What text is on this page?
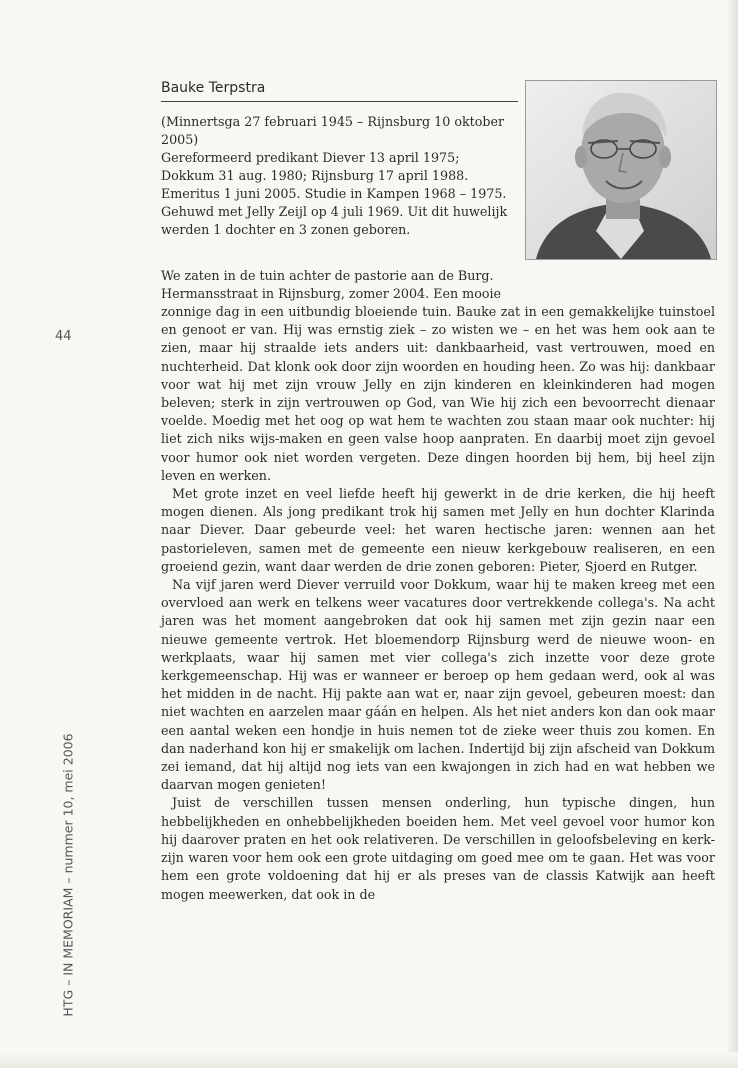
Bauke Terpstra

(Minnertsga 27 februari 1945 – Rijnsburg 10 oktober 2005)

Gereformeerd predikant Diever 13 april 1975; Dokkum 31 aug. 1980; Rijnsburg 17 april 1988. Emeritus 1 juni 2005. Studie in Kampen 1968 – 1975. Gehuwd met Jelly Zeijl op 4 juli 1969. Uit dit huwelijk werden 1 dochter en 3 zonen geboren.

We zaten in de tuin achter de pastorie aan de Burg. Hermansstraat in Rijnsburg, zomer 2004. Een mooie

zonnige dag in een uitbundig bloeiende tuin. Bauke zat in een gemakkelijke tuinstoel en genoot er van. Hij was ernstig ziek – zo wisten we – en het was hem ook aan te zien, maar hij straalde iets anders uit: dankbaarheid, vast vertrouwen, moed en nuchterheid. Dat klonk ook door zijn woorden en houding heen. Zo was hij: dankbaar voor wat hij met zijn vrouw Jelly en zijn kinderen en kleinkinderen had mogen beleven; sterk in zijn vertrouwen op God, van Wie hij zich een bevoorrecht dienaar voelde. Moedig met het oog op wat hem te wachten zou staan maar ook nuchter: hij liet zich niks wijs-maken en geen valse hoop aanpraten. En daarbij moet zijn gevoel voor humor ook niet worden vergeten. Deze dingen hoorden bij hem, bij heel zijn leven en werken.

Met grote inzet en veel liefde heeft hij gewerkt in de drie kerken, die hij heeft mogen dienen. Als jong predikant trok hij samen met Jelly en hun dochter Klarinda naar Diever. Daar gebeurde veel: het waren hectische jaren: wennen aan het pastorieleven, samen met de gemeente een nieuw kerkgebouw realiseren, en een groeiend gezin, want daar werden de drie zonen geboren: Pieter, Sjoerd en Rutger.

Na vijf jaren werd Diever verruild voor Dokkum, waar hij te maken kreeg met een overvloed aan werk en telkens weer vacatures door vertrekkende collega's. Na acht jaren was het moment aangebroken dat ook hij samen met zijn gezin naar een nieuwe gemeente vertrok. Het bloemendorp Rijnsburg werd de nieuwe woon- en werkplaats, waar hij samen met vier collega's zich inzette voor deze grote kerkgemeenschap. Hij was er wanneer er beroep op hem gedaan werd, ook al was het midden in de nacht. Hij pakte aan wat er, naar zijn gevoel, gebeuren moest: dan niet wachten en aarzelen maar gáán en helpen. Als het niet anders kon dan ook maar een aantal weken een hondje in huis nemen tot de zieke weer thuis zou komen. En dan naderhand kon hij er smakelijk om lachen. Indertijd bij zijn afscheid van Dokkum zei iemand, dat hij altijd nog iets van een kwajongen in zich had en wat hebben we daarvan mogen genieten!

Juist de verschillen tussen mensen onderling, hun typische dingen, hun hebbelijkheden en onhebbelijkheden boeiden hem. Met veel gevoel voor humor kon hij daarover praten en het ook relativeren. De verschillen in geloofsbeleving en kerk-zijn waren voor hem ook een grote uitdaging om goed mee om te gaan. Het was voor hem een grote voldoening dat hij er als preses van de classis Katwijk aan heeft mogen meewerken, dat ook in de

44
HTG – IN MEMORIAM – nummer 10, mei 2006
